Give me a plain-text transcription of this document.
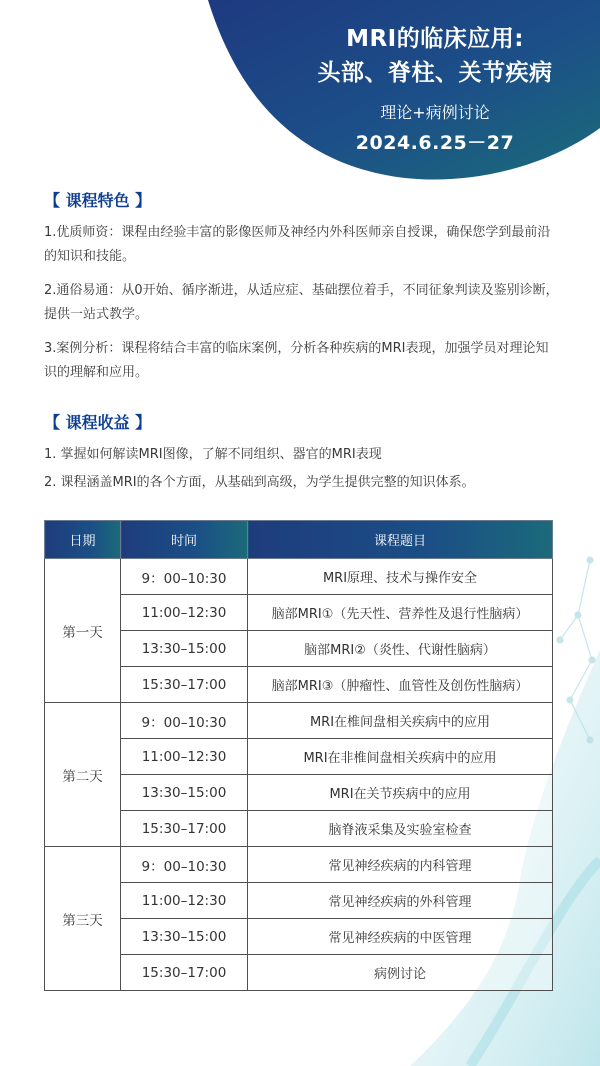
MRI的临床应用:
头部、脊柱、关节疾病
理论+病例讨论
2024.6.25－27
【 课程特色 】

1.优质师资：课程由经验丰富的影像医师及神经内外科医师亲自授课，确保您学到最前沿的知识和技能。

2.通俗易通：从0开始、循序渐进，从适应症、基础摆位着手，不同征象判读及鉴别诊断，提供一站式教学。

3.案例分析：课程将结合丰富的临床案例，分析各种疾病的MRI表现，加强学员对理论知识的理解和应用。

【 课程收益 】

1. 掌握如何解读MRI图像，了解不同组织、器官的MRI表现

2. 课程涵盖MRI的各个方面，从基础到高级，为学生提供完整的知识体系。

日期	时间	课程题目
第一天	9：00–10:30	MRI原理、技术与操作安全
	11:00–12:30	脑部MRI①（先天性、营养性及退行性脑病）
	13:30–15:00	脑部MRI②（炎性、代谢性脑病）
	15:30–17:00	脑部MRI③（肿瘤性、血管性及创伤性脑病）
第二天	9：00–10:30	MRI在椎间盘相关疾病中的应用
	11:00–12:30	MRI在非椎间盘相关疾病中的应用
	13:30–15:00	MRI在关节疾病中的应用
	15:30–17:00	脑脊液采集及实验室检查
第三天	9：00–10:30	常见神经疾病的内科管理
	11:00–12:30	常见神经疾病的外科管理
	13:30–15:00	常见神经疾病的中医管理
	15:30–17:00	病例讨论
